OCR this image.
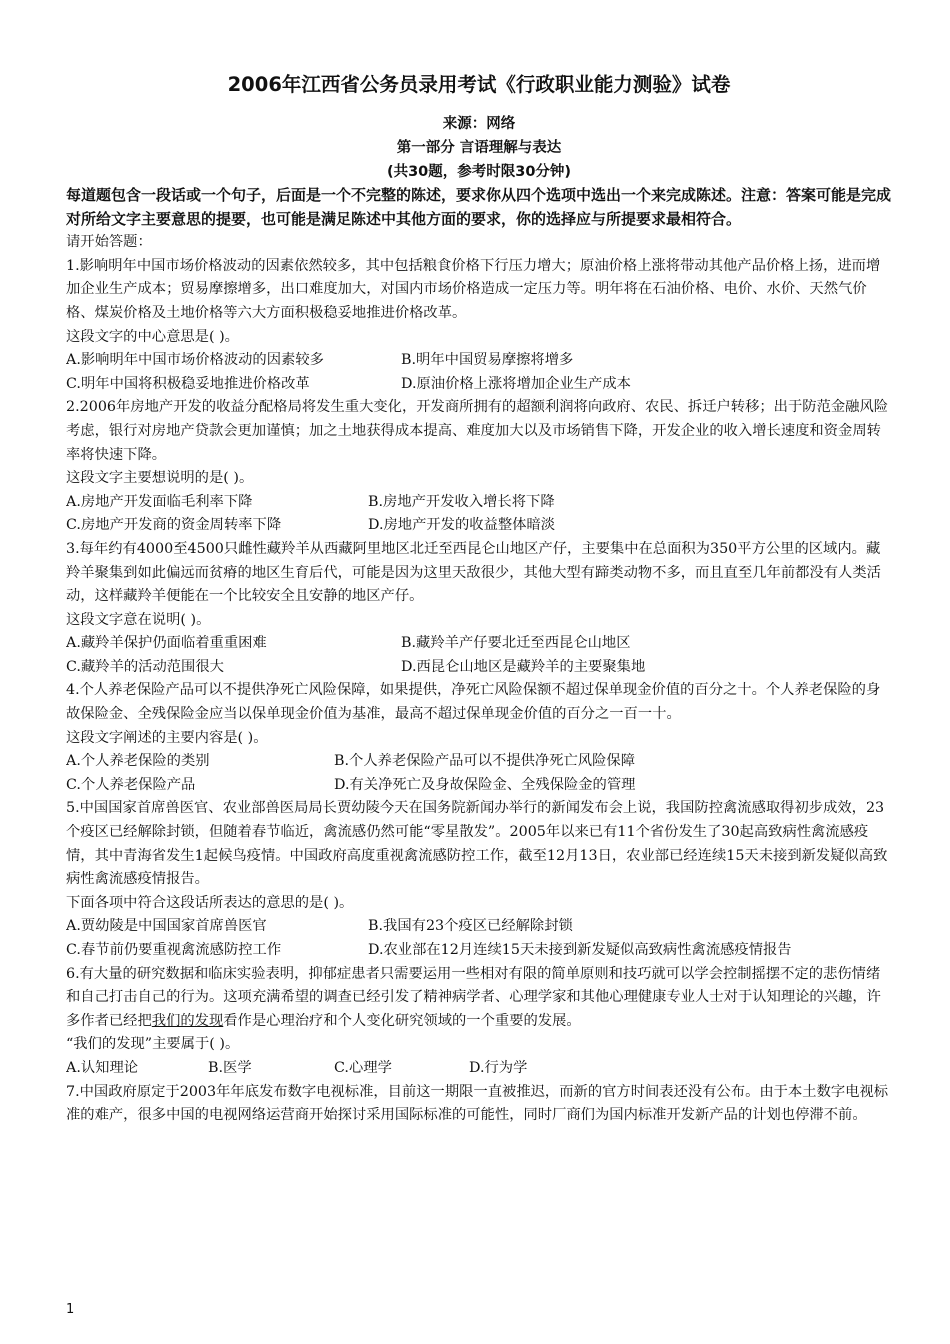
2006年江西省公务员录用考试《行政职业能力测验》试卷
来源：网络
第一部分 言语理解与表达
(共30题，参考时限30分钟)
每道题包含一段话或一个句子，后面是一个不完整的陈述，要求你从四个选项中选出一个来完成陈述。注意：答案可能是完成对所给文字主要意思的提要，也可能是满足陈述中其他方面的要求，你的选择应与所提要求最相符合。

请开始答题：

1.影响明年中国市场价格波动的因素依然较多，其中包括粮食价格下行压力增大；原油价格上涨将带动其他产品价格上扬，进而增加企业生产成本；贸易摩擦增多，出口难度加大，对国内市场价格造成一定压力等。明年将在石油价格、电价、水价、天然气价格、煤炭价格及土地价格等六大方面积极稳妥地推进价格改革。

这段文字的中心意思是( )。

A.影响明年中国市场价格波动的因素较多	B.明年中国贸易摩擦将增多
C.明年中国将积极稳妥地推进价格改革	D.原油价格上涨将增加企业生产成本

2.2006年房地产开发的收益分配格局将发生重大变化，开发商所拥有的超额利润将向政府、农民、拆迁户转移；出于防范金融风险考虑，银行对房地产贷款会更加谨慎；加之土地获得成本提高、难度加大以及市场销售下降，开发企业的收入增长速度和资金周转率将快速下降。

这段文字主要想说明的是( )。

A.房地产开发面临毛利率下降	B.房地产开发收入增长将下降
C.房地产开发商的资金周转率下降	D.房地产开发的收益整体暗淡

3.每年约有4000至4500只雌性藏羚羊从西藏阿里地区北迁至西昆仑山地区产仔，主要集中在总面积为350平方公里的区域内。藏羚羊聚集到如此偏远而贫瘠的地区生育后代，可能是因为这里天敌很少，其他大型有蹄类动物不多，而且直至几年前都没有人类活动，这样藏羚羊便能在一个比较安全且安静的地区产仔。

这段文字意在说明( )。

A.藏羚羊保护仍面临着重重困难	B.藏羚羊产仔要北迁至西昆仑山地区
C.藏羚羊的活动范围很大	D.西昆仑山地区是藏羚羊的主要聚集地

4.个人养老保险产品可以不提供净死亡风险保障，如果提供，净死亡风险保额不超过保单现金价值的百分之十。个人养老保险的身故保险金、全残保险金应当以保单现金价值为基准，最高不超过保单现金价值的百分之一百一十。

这段文字阐述的主要内容是( )。

A.个人养老保险的类别	B.个人养老保险产品可以不提供净死亡风险保障
C.个人养老保险产品	D.有关净死亡及身故保险金、全残保险金的管理

5.中国国家首席兽医官、农业部兽医局局长贾幼陵今天在国务院新闻办举行的新闻发布会上说，我国防控禽流感取得初步成效，23个疫区已经解除封锁，但随着春节临近，禽流感仍然可能“零星散发”。2005年以来已有11个省份发生了30起高致病性禽流感疫情，其中青海省发生1起候鸟疫情。中国政府高度重视禽流感防控工作，截至12月13日，农业部已经连续15天未接到新发疑似高致病性禽流感疫情报告。

下面各项中符合这段话所表达的意思的是( )。

A.贾幼陵是中国国家首席兽医官	B.我国有23个疫区已经解除封锁
C.春节前仍要重视禽流感防控工作	D.农业部在12月连续15天未接到新发疑似高致病性禽流感疫情报告

6.有大量的研究数据和临床实验表明，抑郁症患者只需要运用一些相对有限的简单原则和技巧就可以学会控制摇摆不定的悲伤情绪和自己打击自己的行为。这项充满希望的调查已经引发了精神病学者、心理学家和其他心理健康专业人士对于认知理论的兴趣，许多作者已经把我们的发现看作是心理治疗和个人变化研究领域的一个重要的发展。

“我们的发现”主要属于( )。

A.认知理论	B.医学	C.心理学	D.行为学

7.中国政府原定于2003年年底发布数字电视标准，目前这一期限一直被推迟，而新的官方时间表还没有公布。由于本土数字电视标准的难产，很多中国的电视网络运营商开始探讨采用国际标准的可能性，同时厂商们为国内标准开发新产品的计划也停滞不前。

1
